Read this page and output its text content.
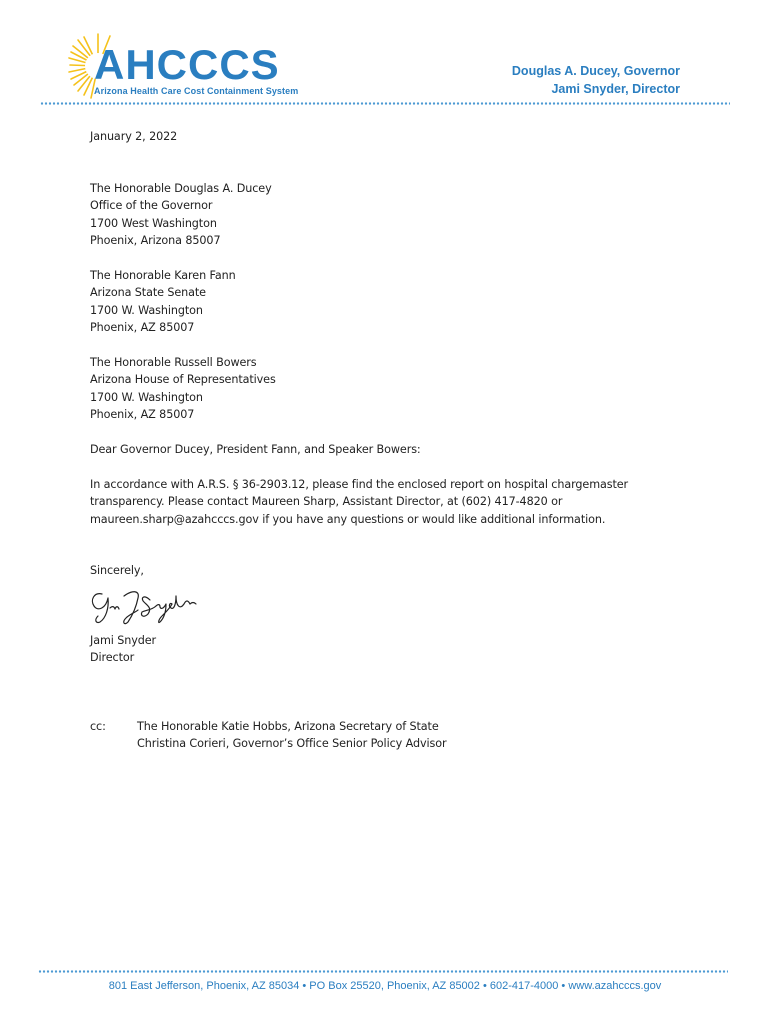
AHCCCS
Arizona Health Care Cost Containment System
Douglas A. Ducey, Governor
Jami Snyder, Director
January 2, 2022
The Honorable Douglas A. Ducey
Office of the Governor
1700 West Washington
Phoenix, Arizona 85007
The Honorable Karen Fann
Arizona State Senate
1700 W. Washington
Phoenix, AZ 85007
The Honorable Russell Bowers
Arizona House of Representatives
1700 W. Washington
Phoenix, AZ 85007
Dear Governor Ducey, President Fann, and Speaker Bowers:
In accordance with A.R.S. § 36-2903.12, please find the enclosed report on hospital chargemaster
transparency. Please contact Maureen Sharp, Assistant Director, at (602) 417-4820 or
maureen.sharp@azahcccs.gov if you have any questions or would like additional information.
Sincerely,
Jami Snyder
Director
cc:	The Honorable Katie Hobbs, Arizona Secretary of State
Christina Corieri, Governor’s Office Senior Policy Advisor
801 East Jefferson, Phoenix, AZ 85034 • PO Box 25520, Phoenix, AZ 85002 • 602-417-4000 • www.azahcccs.gov
